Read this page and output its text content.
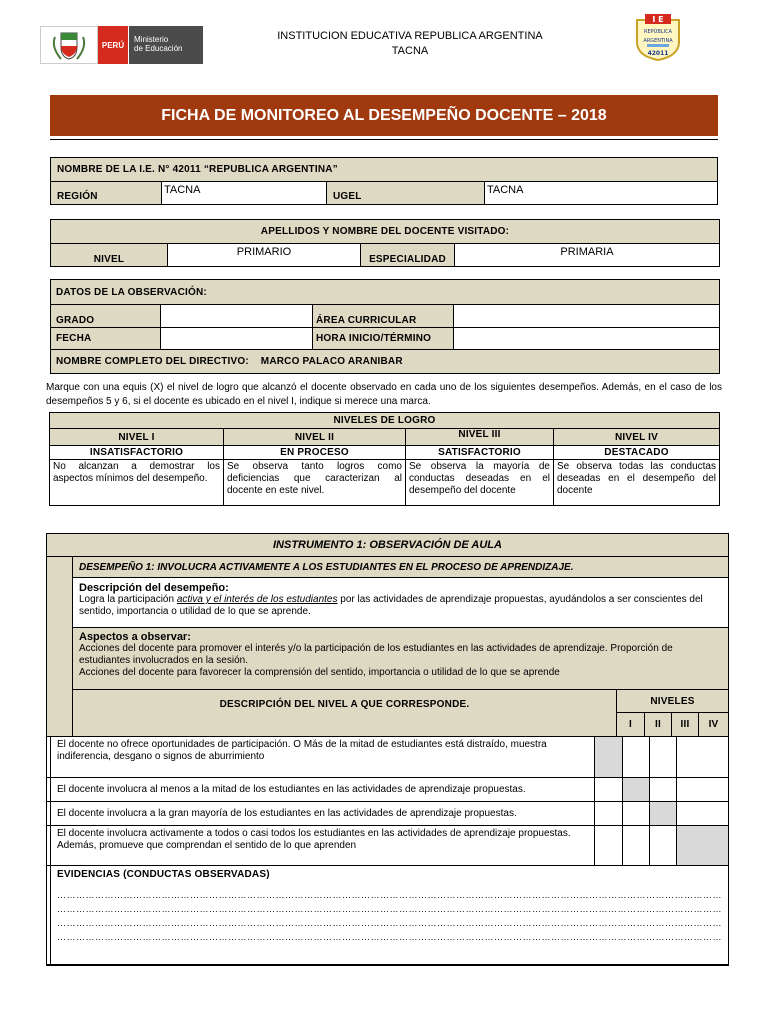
PERÚ
Ministerio
de Educación
INSTITUCION EDUCATIVA REPUBLICA ARGENTINA
TACNA
I E
REPÚBLICA
ARGENTINA
42011
FICHA DE MONITOREO AL DESEMPEÑO DOCENTE – 2018
NOMBRE DE LA I.E. N° 42011 “REPUBLICA ARGENTINA”
REGIÓN	TACNA	UGEL	TACNA
APELLIDOS Y NOMBRE DEL DOCENTE VISITADO:
NIVEL	PRIMARIO	ESPECIALIDAD	PRIMARIA
DATOS DE LA OBSERVACIÓN:			
GRADO		ÁREA CURRICULAR	
FECHA		HORA INICIO/TÉRMINO	
NOMBRE COMPLETO DEL DIRECTIVO: MARCO PALACO ARANIBAR			
Marque con una equis (X) el nivel de logro que alcanzó el docente observado en cada uno de los siguientes desempeños. Además, en el caso de los desempeños 5 y 6, si el docente es ubicado en el nivel I, indique si merece una marca.
NIVELES DE LOGRO			
NIVEL I	NIVEL II	NIVEL III	NIVEL IV
INSATISFACTORIO	EN PROCESO	SATISFACTORIO	DESTACADO
No alcanzan a demostrar los aspectos mínimos del desempeño.	Se observa tanto logros como deficiencias que caracterizan al docente en este nivel.	Se observa la mayoría de conductas deseadas en el desempeño del docente	Se observa todas las conductas deseadas en el desempeño del docente
INSTRUMENTO 1: OBSERVACIÓN DE AULA
DESEMPEÑO 1: INVOLUCRA ACTIVAMENTE A LOS ESTUDIANTES EN EL PROCESO DE APRENDIZAJE.
Descripción del desempeño:
Logra la participación activa y el interés de los estudiantes por las actividades de aprendizaje propuestas, ayudándolos a ser conscientes del sentido, importancia o utilidad de lo que se aprende.
Aspectos a observar:
Acciones del docente para promover el interés y/o la participación de los estudiantes en las actividades de aprendizaje. Proporción de estudiantes involucrados en la sesión.
Acciones del docente para favorecer la comprensión del sentido, importancia o utilidad de lo que se aprende
DESCRIPCIÓN DEL NIVEL A QUE CORRESPONDE.	NIVELES
I	II	III	IV
	El docente no ofrece oportunidades de participación. O Más de la mitad de estudiantes está distraído, muestra indiferencia, desgano o signos de aburrimiento				
	El docente involucra al menos a la mitad de los estudiantes en las actividades de aprendizaje propuestas.				
	El docente involucra a la gran mayoría de los estudiantes en las actividades de aprendizaje propuestas.				
	El docente involucra activamente a todos o casi todos los estudiantes en las actividades de aprendizaje propuestas. Además, promueve que comprendan el sentido de lo que aprenden				

	EVIDENCIAS (CONDUCTAS OBSERVADAS)
…………………………………………………………………………………………………………………………………………………………………………………………
…………………………………………………………………………………………………………………………………………………………………………………………
…………………………………………………………………………………………………………………………………………………………………………………………
…………………………………………………………………………………………………………………………………………………………………………………………				
